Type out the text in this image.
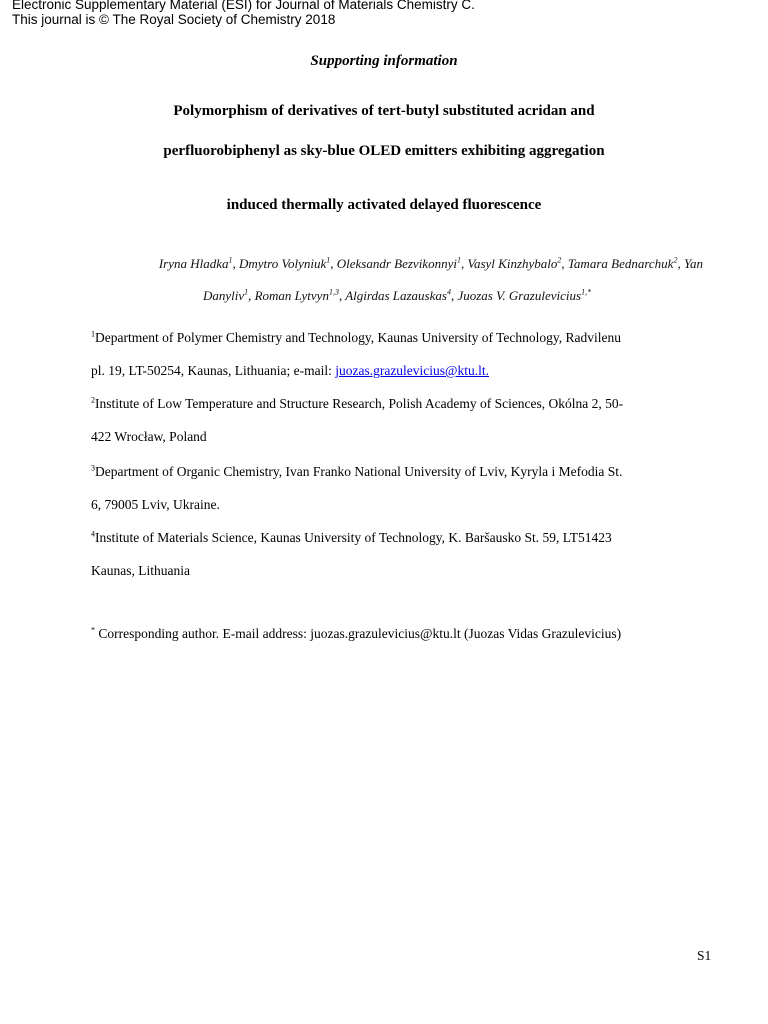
Electronic Supplementary Material (ESI) for Journal of Materials Chemistry C.
This journal is © The Royal Society of Chemistry 2018
Supporting information
Polymorphism of derivatives of tert-butyl substituted acridan and
perfluorobiphenyl as sky-blue OLED emitters exhibiting aggregation
induced thermally activated delayed fluorescence
Iryna Hladka$^1$, Dmytro Volyniuk$^1$, Oleksandr Bezvikonnyi$^1$, Vasyl Kinzhybalo$^2$, Tamara Bednarchuk$^2$, Yan
Danyliv$^1$, Roman Lytvyn$^{1,3}$, Algirdas Lazauskas$^4$, Juozas V. Grazulevicius$^{1,*}$
$^1$Department of Polymer Chemistry and Technology, Kaunas University of Technology, Radvilenu
pl. 19, LT-50254, Kaunas, Lithuania; e-mail: juozas.grazulevicius@ktu.lt.
$^2$Institute of Low Temperature and Structure Research, Polish Academy of Sciences, Okólna 2, 50-
422 Wrocław, Poland
$^3$Department of Organic Chemistry, Ivan Franko National University of Lviv, Kyryla i Mefodia St.
6, 79005 Lviv, Ukraine.
$^4$Institute of Materials Science, Kaunas University of Technology, K. Baršausko St. 59, LT51423
Kaunas, Lithuania
* Corresponding author. E-mail address: juozas.grazulevicius@ktu.lt (Juozas Vidas Grazulevicius)
S1
